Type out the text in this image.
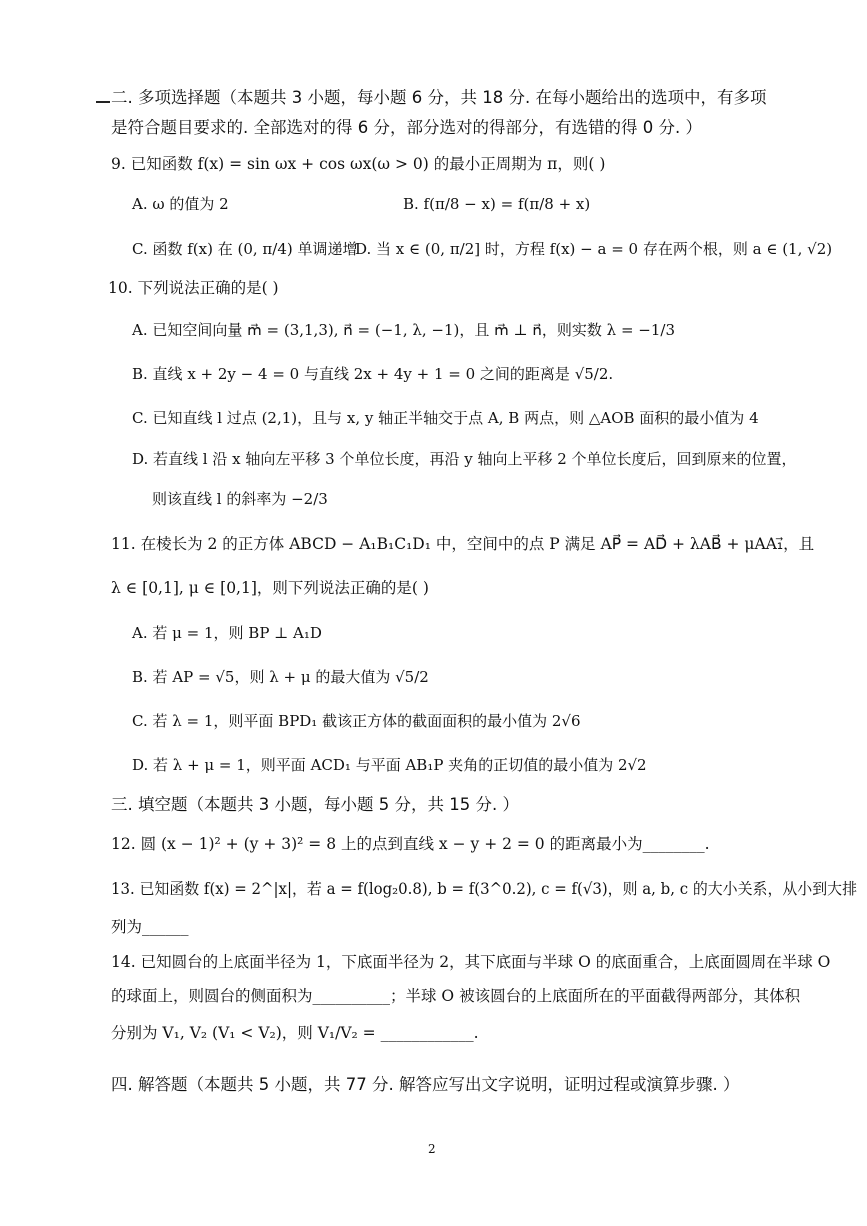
二. 多项选择题（本题共 3 小题，每小题 6 分，共 18 分. 在每小题给出的选项中，有多项
是符合题目要求的. 全部选对的得 6 分，部分选对的得部分，有选错的得 0 分. ）
9. 已知函数 f(x) = sin ωx + cos ωx(ω > 0) 的最小正周期为 π，则( )
A. ω 的值为 2	B. f(π/8 − x) = f(π/8 + x)
C. 函数 f(x) 在 (0, π/4) 单调递增
D. 当 x ∈ (0, π/2] 时，方程 f(x) − a = 0 存在两个根，则 a ∈ (1, √2)
10. 下列说法正确的是( )
A. 已知空间向量 m⃗ = (3,1,3), n⃗ = (−1, λ, −1)，且 m⃗ ⊥ n⃗，则实数 λ = −1/3
B. 直线 x + 2y − 4 = 0 与直线 2x + 4y + 1 = 0 之间的距离是 √5/2.
C. 已知直线 l 过点 (2,1)，且与 x, y 轴正半轴交于点 A, B 两点，则 △AOB 面积的最小值为 4
D. 若直线 l 沿 x 轴向左平移 3 个单位长度，再沿 y 轴向上平移 2 个单位长度后，回到原来的位置，
则该直线 l 的斜率为 −2/3
11. 在棱长为 2 的正方体 ABCD − A₁B₁C₁D₁ 中，空间中的点 P 满足 AP⃗ = AD⃗ + λAB⃗ + μAA₁⃗，且
λ ∈ [0,1], μ ∈ [0,1]，则下列说法正确的是( )
A. 若 μ = 1，则 BP ⊥ A₁D
B. 若 AP = √5，则 λ + μ 的最大值为 √5/2
C. 若 λ = 1，则平面 BPD₁ 截该正方体的截面面积的最小值为 2√6
D. 若 λ + μ = 1，则平面 ACD₁ 与平面 AB₁P 夹角的正切值的最小值为 2√2
三. 填空题（本题共 3 小题，每小题 5 分，共 15 分. ）
12. 圆 (x − 1)² + (y + 3)² = 8 上的点到直线 x − y + 2 = 0 的距离最小为________.
13. 已知函数 f(x) = 2^|x|，若 a = f(log₂0.8), b = f(3^0.2), c = f(√3)，则 a, b, c 的大小关系，从小到大排
列为______
14. 已知圆台的上底面半径为 1，下底面半径为 2，其下底面与半球 O 的底面重合，上底面圆周在半球 O
的球面上，则圆台的侧面积为__________；半球 O 被该圆台的上底面所在的平面截得两部分，其体积
分别为 V₁, V₂ (V₁ < V₂)，则 V₁/V₂ = ____________.
四. 解答题（本题共 5 小题，共 77 分. 解答应写出文字说明，证明过程或演算步骤. ）
2
